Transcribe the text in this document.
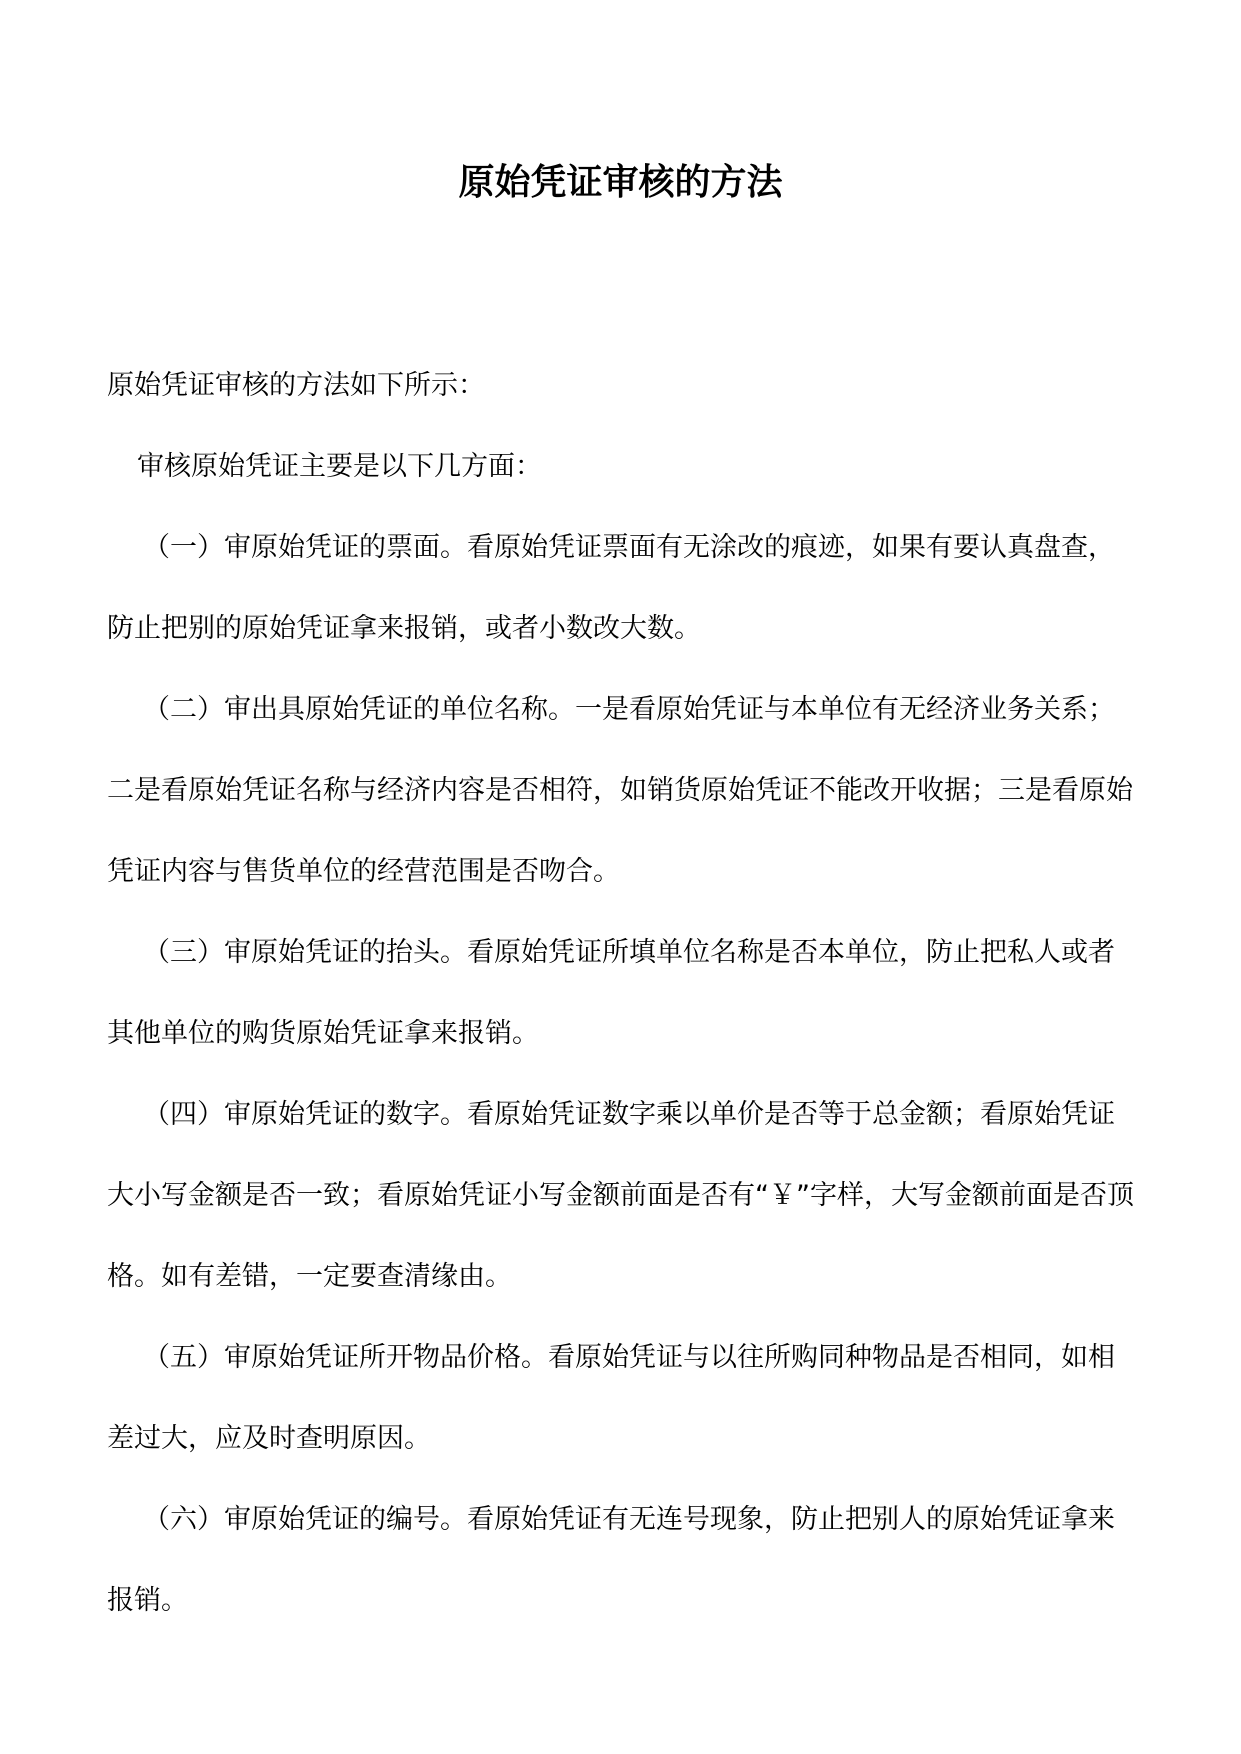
原始凭证审核的方法

原始凭证审核的方法如下所示：

审核原始凭证主要是以下几方面：

（一）审原始凭证的票面。看原始凭证票面有无涂改的痕迹，如果有要认真盘查，防止把别的原始凭证拿来报销，或者小数改大数。

（二）审出具原始凭证的单位名称。一是看原始凭证与本单位有无经济业务关系；二是看原始凭证名称与经济内容是否相符，如销货原始凭证不能改开收据；三是看原始凭证内容与售货单位的经营范围是否吻合。

（三）审原始凭证的抬头。看原始凭证所填单位名称是否本单位，防止把私人或者其他单位的购货原始凭证拿来报销。

（四）审原始凭证的数字。看原始凭证数字乘以单价是否等于总金额；看原始凭证大小写金额是否一致；看原始凭证小写金额前面是否有“￥”字样，大写金额前面是否顶格。如有差错，一定要查清缘由。

（五）审原始凭证所开物品价格。看原始凭证与以往所购同种物品是否相同，如相差过大，应及时查明原因。

（六）审原始凭证的编号。看原始凭证有无连号现象，防止把别人的原始凭证拿来报销。
